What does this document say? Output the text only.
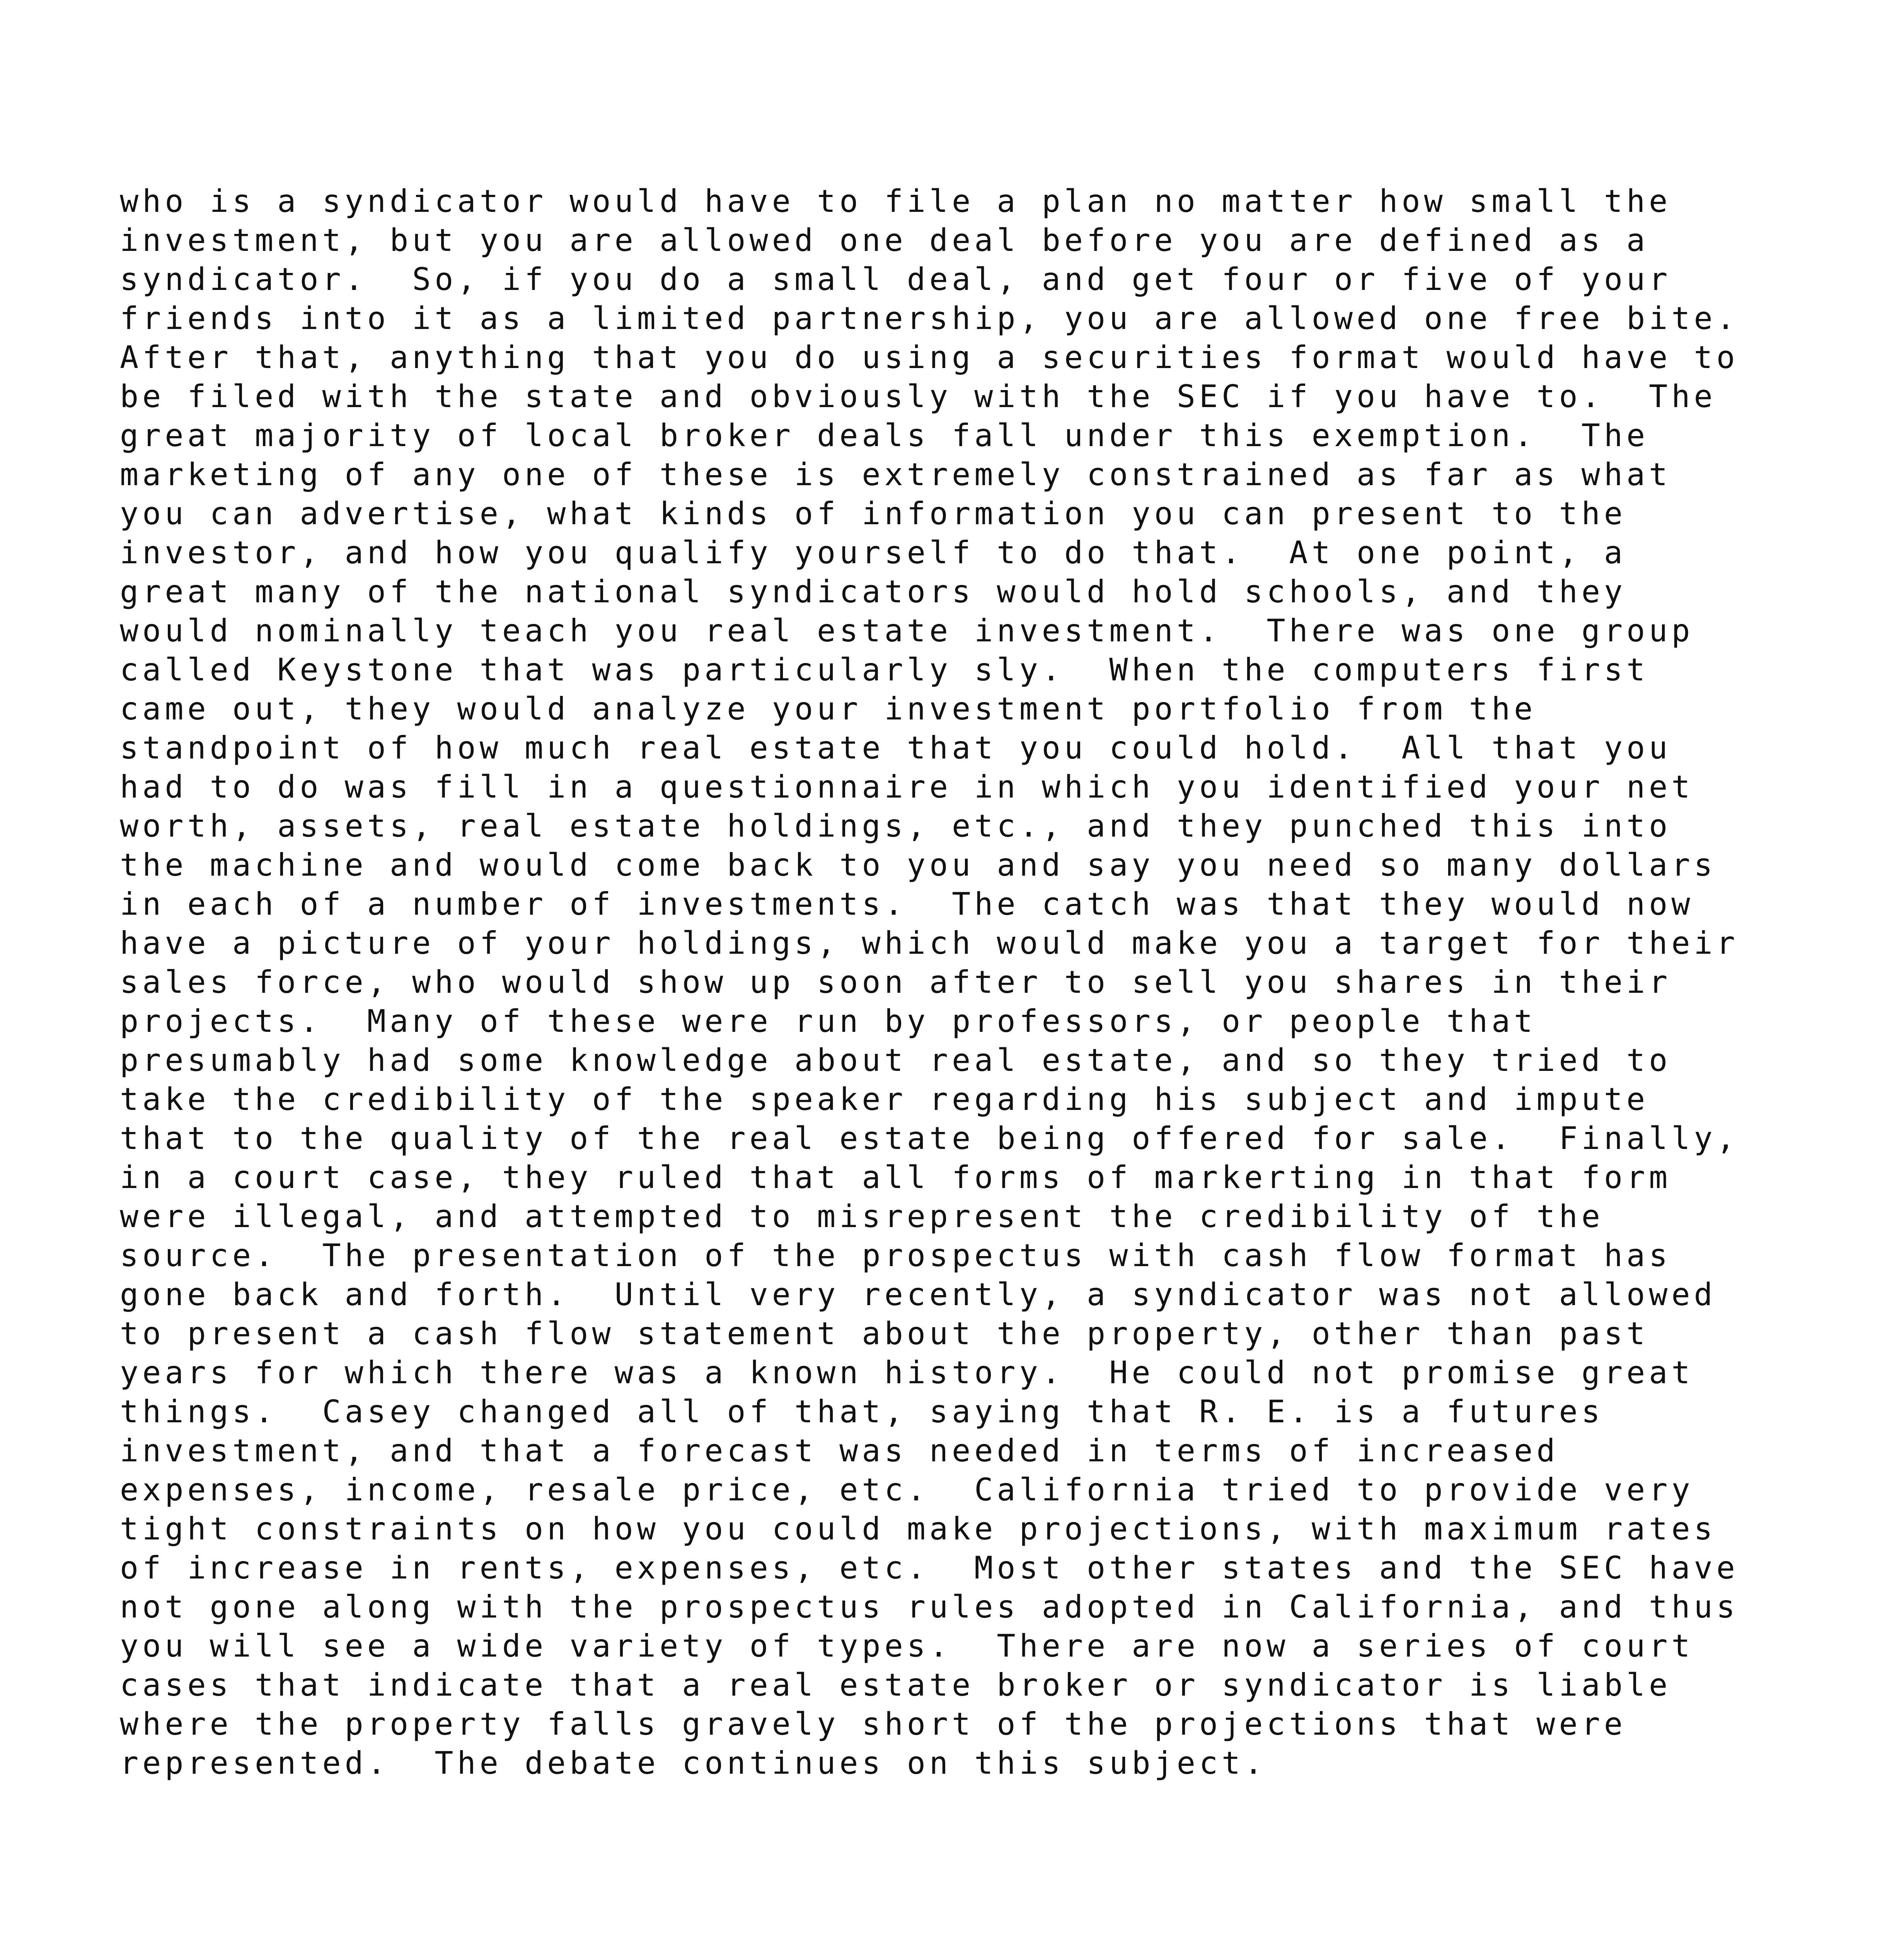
who is a syndicator would have to file a plan no matter how small the
investment, but you are allowed one deal before you are defined as a
syndicator.  So, if you do a small deal, and get four or five of your
friends into it as a limited partnership, you are allowed one free bite.
After that, anything that you do using a securities format would have to
be filed with the state and obviously with the SEC if you have to.  The
great majority of local broker deals fall under this exemption.  The
marketing of any one of these is extremely constrained as far as what
you can advertise, what kinds of information you can present to the
investor, and how you qualify yourself to do that.  At one point, a
great many of the national syndicators would hold schools, and they
would nominally teach you real estate investment.  There was one group
called Keystone that was particularly sly.  When the computers first
came out, they would analyze your investment portfolio from the
standpoint of how much real estate that you could hold.  All that you
had to do was fill in a questionnaire in which you identified your net
worth, assets, real estate holdings, etc., and they punched this into
the machine and would come back to you and say you need so many dollars
in each of a number of investments.  The catch was that they would now
have a picture of your holdings, which would make you a target for their
sales force, who would show up soon after to sell you shares in their
projects.  Many of these were run by professors, or people that
presumably had some knowledge about real estate, and so they tried to
take the credibility of the speaker regarding his subject and impute
that to the quality of the real estate being offered for sale.  Finally,
in a court case, they ruled that all forms of markerting in that form
were illegal, and attempted to misrepresent the credibility of the
source.  The presentation of the prospectus with cash flow format has
gone back and forth.  Until very recently, a syndicator was not allowed
to present a cash flow statement about the property, other than past
years for which there was a known history.  He could not promise great
things.  Casey changed all of that, saying that R. E. is a futures
investment, and that a forecast was needed in terms of increased
expenses, income, resale price, etc.  California tried to provide very
tight constraints on how you could make projections, with maximum rates
of increase in rents, expenses, etc.  Most other states and the SEC have
not gone along with the prospectus rules adopted in California, and thus
you will see a wide variety of types.  There are now a series of court
cases that indicate that a real estate broker or syndicator is liable
where the property falls gravely short of the projections that were
represented.  The debate continues on this subject.
